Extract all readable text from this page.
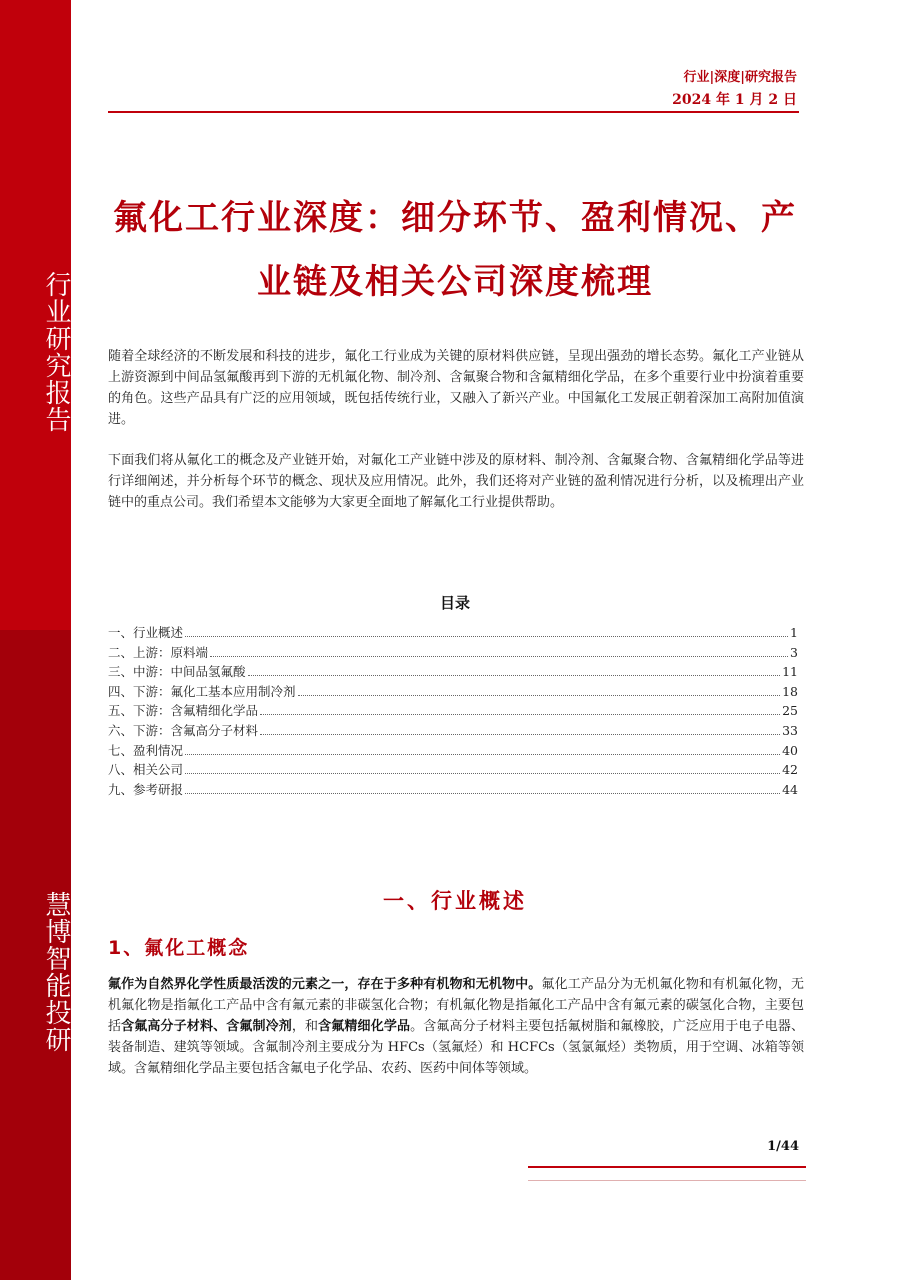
行业研究报告
慧博智能投研
行业|深度|研究报告
2024 年 1 月 2 日
氟化工行业深度：细分环节、盈利情况、产
业链及相关公司深度梳理
随着全球经济的不断发展和科技的进步，氟化工行业成为关键的原材料供应链，呈现出强劲的增长态势。氟化工产业链从上游资源到中间品氢氟酸再到下游的无机氟化物、制冷剂、含氟聚合物和含氟精细化学品，在多个重要行业中扮演着重要的角色。这些产品具有广泛的应用领域，既包括传统行业，又融入了新兴产业。中国氟化工发展正朝着深加工高附加值演进。
下面我们将从氟化工的概念及产业链开始，对氟化工产业链中涉及的原材料、制冷剂、含氟聚合物、含氟精细化学品等进行详细阐述，并分析每个环节的概念、现状及应用情况。此外，我们还将对产业链的盈利情况进行分析，以及梳理出产业链中的重点公司。我们希望本文能够为大家更全面地了解氟化工行业提供帮助。
目录
一、行业概述	1
二、上游：原料端	3
三、中游：中间品氢氟酸	11
四、下游：氟化工基本应用制冷剂	18
五、下游：含氟精细化学品	25
六、下游：含氟高分子材料	33
七、盈利情况	40
八、相关公司	42
九、参考研报	44
一、行业概述
1、氟化工概念
氟作为自然界化学性质最活泼的元素之一，存在于多种有机物和无机物中。氟化工产品分为无机氟化物和有机氟化物，无机氟化物是指氟化工产品中含有氟元素的非碳氢化合物；有机氟化物是指氟化工产品中含有氟元素的碳氢化合物，主要包括含氟高分子材料、含氟制冷剂，和含氟精细化学品。含氟高分子材料主要包括氟树脂和氟橡胶，广泛应用于电子电器、装备制造、建筑等领域。含氟制冷剂主要成分为 HFCs（氢氟烃）和 HCFCs（氢氯氟烃）类物质，用于空调、冰箱等领域。含氟精细化学品主要包括含氟电子化学品、农药、医药中间体等领域。
1/44
